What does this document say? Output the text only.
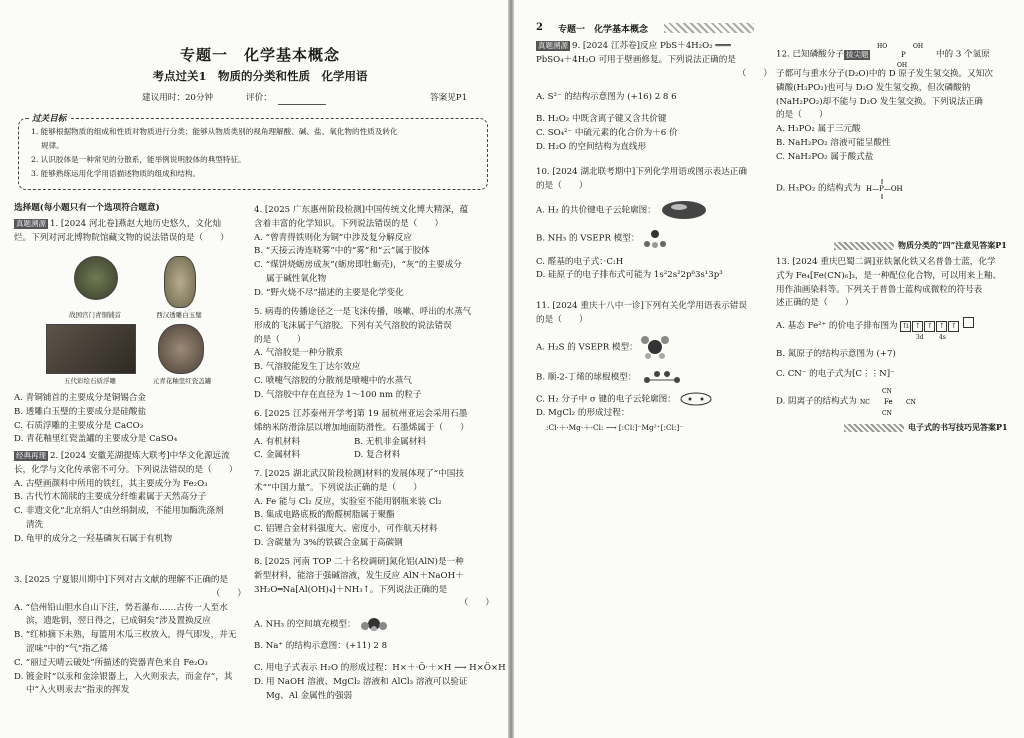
专题一　化学基本概念
考点过关1　物质的分类和性质　化学用语
建议用时：20分钟	评价：	答案见P1
过关目标
1. 能够根据物质的组成和性质对物质进行分类；能够从物质类别的视角理解酸、碱、盐、氧化物的性质及转化
规律。
2. 认识胶体是一种常见的分散系，能举例说明胶体的典型特征。
3. 能够熟练运用化学用语描述物质的组成和结构。
选择题(每小题只有一个选项符合题意)
真题溯源 1. [2024 河北卷]燕赵大地历史悠久，文化灿
烂。下列对河北博物院馆藏文物的说法错误的是（　　）
战国宫门青铜铺首	西汉透雕白玉璧
五代彩绘石质浮雕	元青花釉里红瓷盖罐
A. 青铜铺首的主要成分是铜锡合金
B. 透雕白玉璧的主要成分是硅酸盐
C. 石质浮雕的主要成分是 CaCO₃
D. 青花釉里红瓷盖罐的主要成分是 CaSO₄
经典再现 2. [2024 安徽芜湖提炼大联考]中华文化源远流
长，化学与文化传承密不可分。下列说法错误的是（　　）
A. 古壁画颜料中所用的铁红，其主要成分为 Fe₂O₃
B. 古代竹木简牍的主要成分纤维素属于天然高分子
C. 非遗文化“北京绢人”由丝绢制成，不能用加酶洗涤剂
清洗
D. 龟甲的成分之一羟基磷灰石属于有机物
3. [2025 宁夏银川期中]下列对古文献的理解不正确的是
（　　）
A. “信州铅山胆水自山下注，势若瀑布……古传一人至水
滨，遗匙钥，翌日得之，已成铜矣”涉及置换反应
B. “红柿摘下未熟，每篮用木瓜三枚放入，得气即发，并无
涩味”中的“气”指乙烯
C. “丽过天晴云破处”所描述的瓷器青色来自 Fe₂O₃
D. 镀金时“以汞和金涂银器上，入火则汞去，而金存”，其
中“入火则汞去”指汞的挥发
4. [2025 广东惠州阶段检测]中国传统文化博大精深，蕴
含着丰富的化学知识。下列说法错误的是（　　）
A. “曾青得铁则化为铜”中涉及复分解反应
B. “天接云涛连晓雾”中的“雾”和“云”属于胶体
C. “煤饼烧蛎房成灰”(蛎房即牡蛎壳)，“灰”的主要成分
属于碱性氧化物
D. “野火烧不尽”描述的主要是化学变化
5. 病毒的传播途径之一是飞沫传播，咳嗽、呼出的水蒸气
形成的飞沫属于气溶胶。下列有关气溶胶的说法错误
的是（　　）
A. 气溶胶是一种分散系
B. 气溶胶能发生丁达尔效应
C. 喷嚏气溶胶的分散剂是喷嚏中的水蒸气
D. 气溶胶中存在直径为 1～100 nm 的粒子
6. [2025 江苏泰州开学考]第 19 届杭州亚运会采用石墨
烯纳米防滑涂层以增加地面防滑性。石墨烯属于（　　）
A. 有机材料	B. 无机非金属材料
C. 金属材料	D. 复合材料
7. [2025 湖北武汉阶段检测]材料的发展体现了“中国技
术”“中国力量”。下列说法正确的是（　　）
A. Fe 能与 Cl₂ 反应，实验室不能用钢瓶来装 Cl₂
B. 集成电路底板的酚醛树脂属于聚酯
C. 铝锂合金材料强度大、密度小，可作航天材料
D. 含碳量为 3%的铁碳合金属于高碳钢
8. [2025 河南 TOP 二十名校调研]氮化铝(AlN)是一种
新型材料，能溶于强碱溶液，发生反应 AlN＋NaOH＋
3H₂O═Na[Al(OH)₄]＋NH₃↑。下列说法正确的是
（　　）
A. NH₃ 的空间填充模型：
B. Na⁺ 的结构示意图：(+11) 2 8
C. 用电子式表示 H₂O 的形成过程：H×＋·Ö·＋×H ⟶ H×Ö×H
D. 用 NaOH 溶液、MgCl₂ 溶液和 AlCl₃ 溶液可以验证
Mg、Al 金属性的强弱
2 专题一　化学基本概念
真题溯源 9. [2024 江苏卷]反应 PbS＋4H₂O₂ ═══
PbSO₄＋4H₂O 可用于壁画修复。下列说法正确的是
（　　）
A. S²⁻ 的结构示意图为 (+16) 2 8 6
B. H₂O₂ 中既含离子键又含共价键
C. SO₄²⁻ 中硫元素的化合价为＋6 价
D. H₂O 的空间结构为直线形
10. [2024 湖北联考期中]下列化学用语或图示表达正确
的是（　　）
A. H₂ 的共价键电子云轮廓图：
B. NH₃ 的 VSEPR 模型：
C. 醛基的电子式：·C:H
D. 硅原子的电子排布式可能为 1s²2s²2p⁶3s¹3p³
11. [2024 重庆十八中一诊]下列有关化学用语表示错误
的是（　　）
A. H₂S 的 VSEPR 模型：
B. 顺-2-丁烯的球棍模型：
C. H₂ 分子中 σ 键的电子云轮廓图：
D. MgCl₂ 的形成过程：
:Cl·＋·Mg·＋·Cl: ⟶ [:Cl:]⁻Mg²⁺[:Cl:]⁻
12. 已知磷酸分子 拔尖题
HO	OH
P
OH
中的 3 个氢原
子都可与重水分子(D₂O)中的 D 原子发生氢交换。又知次
磷酸(H₃PO₂)也可与 D₂O 发生氢交换，但次磷酸钠
(NaH₂PO₂)却不能与 D₂O 发生氢交换。下列说法正确
的是（　　）
A. H₃PO₂ 属于三元酸
B. NaH₂PO₂ 溶液可能呈酸性
C. NaH₂PO₂ 属于酸式盐
D. H₃PO₂ 的结构式为 H—P—OH
物质分类的“四”注意见答案P1
13. [2024 重庆巴蜀二调]亚铁氰化铁又名普鲁士蓝，化学
式为 Fe₄[Fe(CN)₆]₃，是一种配位化合物，可以用来上釉、
用作油画染料等。下列关于普鲁士蓝构成微粒的符号表
述正确的是（　　）
A. 基态 Fe²⁺ 的价电子排布图为 ⇅ ↑ ↑ ↑ ↑
3d	4s
B. 氮原子的结构示意图为 (+7)
C. CN⁻ 的电子式为[C⋮⋮N]⁻
D. 阴离子的结构式为	Fe
NC	CN
CN
CN
电子式的书写技巧见答案P1
